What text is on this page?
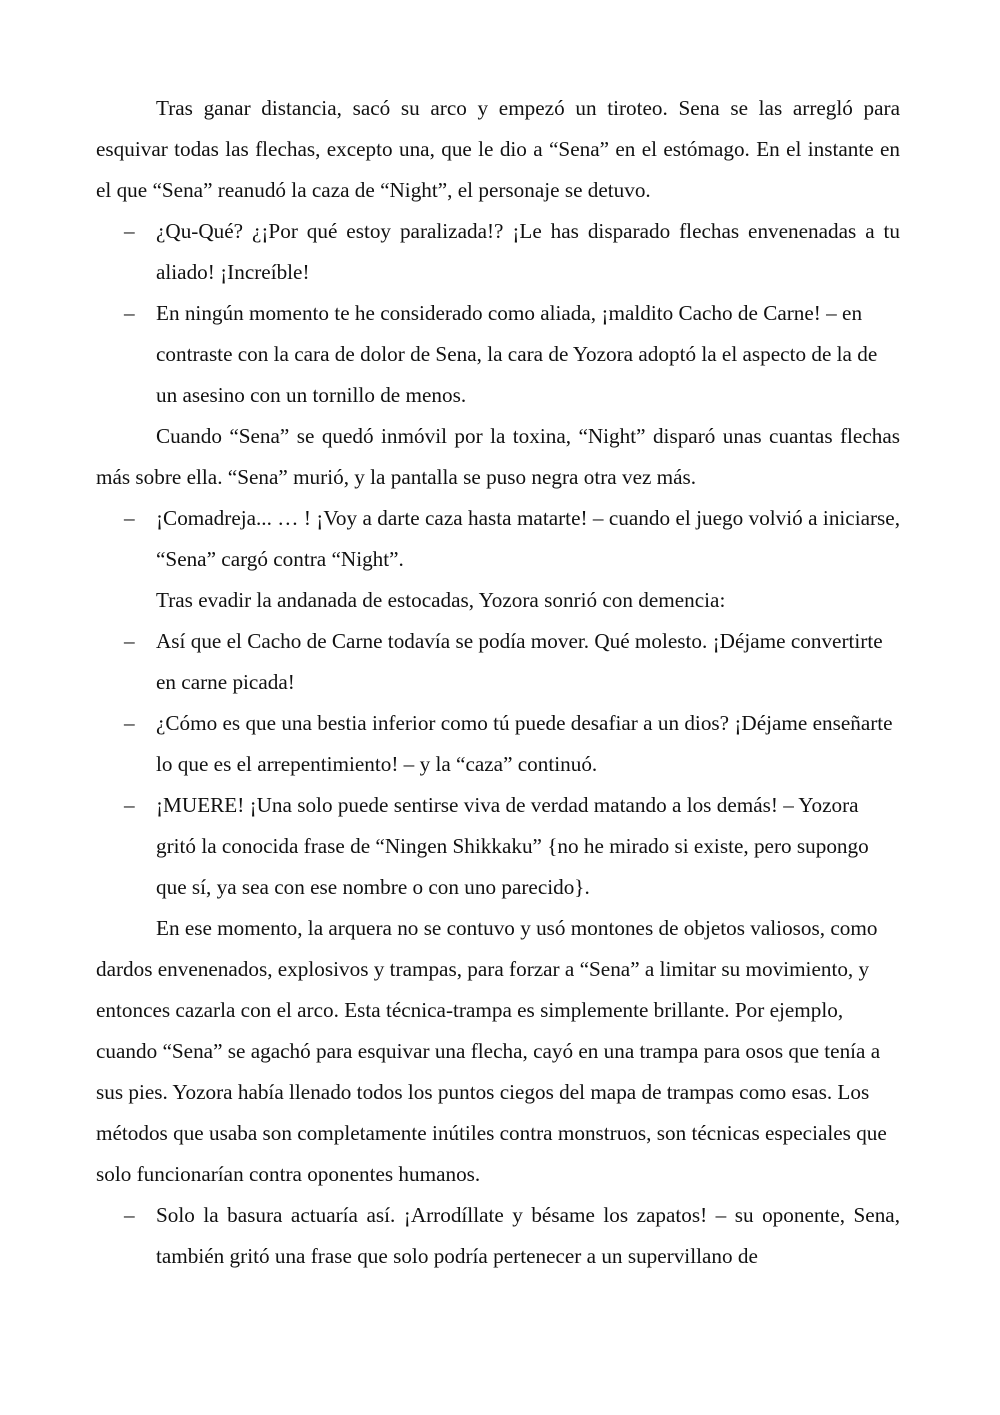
Tras ganar distancia, sacó su arco y empezó un tiroteo. Sena se las arregló para esquivar todas las flechas, excepto una, que le dio a “Sena” en el estómago. En el instante en el que “Sena” reanudó la caza de “Night”, el personaje se detuvo.

– ¿Qu-Qué? ¿¡Por qué estoy paralizada!? ¡Le has disparado flechas envenenadas a tu aliado! ¡Increíble!
– En ningún momento te he considerado como aliada, ¡maldito Cacho de Carne! – en contraste con la cara de dolor de Sena, la cara de Yozora adoptó la el aspecto de la de un asesino con un tornillo de menos.

Cuando “Sena” se quedó inmóvil por la toxina, “Night” disparó unas cuantas flechas más sobre ella. “Sena” murió, y la pantalla se puso negra otra vez más.

– ¡Comadreja... … ! ¡Voy a darte caza hasta matarte! – cuando el juego volvió a iniciarse, “Sena” cargó contra “Night”.

Tras evadir la andanada de estocadas, Yozora sonrió con demencia:

– Así que el Cacho de Carne todavía se podía mover. Qué molesto. ¡Déjame convertirte en carne picada!
– ¿Cómo es que una bestia inferior como tú puede desafiar a un dios? ¡Déjame enseñarte lo que es el arrepentimiento! – y la “caza” continuó.
– ¡MUERE! ¡Una solo puede sentirse viva de verdad matando a los demás! – Yozora gritó la conocida frase de “Ningen Shikkaku” {no he mirado si existe, pero supongo que sí, ya sea con ese nombre o con uno parecido}.

En ese momento, la arquera no se contuvo y usó montones de objetos valiosos, como dardos envenenados, explosivos y trampas, para forzar a “Sena” a limitar su movimiento, y entonces cazarla con el arco. Esta técnica-trampa es simplemente brillante. Por ejemplo, cuando “Sena” se agachó para esquivar una flecha, cayó en una trampa para osos que tenía a sus pies. Yozora había llenado todos los puntos ciegos del mapa de trampas como esas. Los métodos que usaba son completamente inútiles contra monstruos, son técnicas especiales que solo funcionarían contra oponentes humanos.

– Solo la basura actuaría así. ¡Arrodíllate y bésame los zapatos! – su oponente, Sena, también gritó una frase que solo podría pertenecer a un supervillano de
